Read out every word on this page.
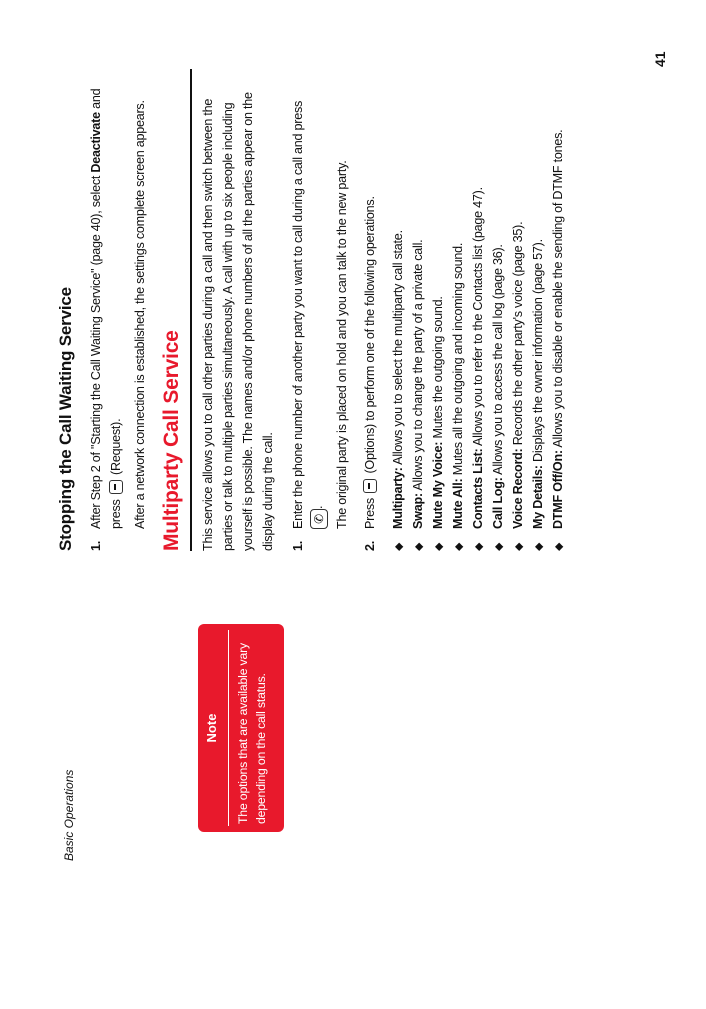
Basic Operations
41
Stopping the Call Waiting Service 1.After Step 2 of "Starting the Call Waiting Service" (page 40), select Deactivate and
press  (Request). After a network connection is established, the settings complete screen appears. Multiparty Call Service This service allows you to call other parties during a call and then switch between the parties or talk to multiple parties simultaneously. A call with up to six people including yourself is possible. The names and/or phone numbers of all the parties appear on the display during the call. 1.Enter the phone number of another party you want to call during a call and press ✆. The original party is placed on hold and you can talk to the new party.
2.Press  (Options) to perform one of the following operations.
◆Multiparty: Allows you to select the multiparty call state.
◆Swap: Allows you to change the party of a private call.
◆Mute My Voice: Mutes the outgoing sound.
◆Mute All: Mutes all the outgoing and incoming sound.
◆Contacts List: Allows you to refer to the Contacts list (page 47).
◆Call Log: Allows you to access the call log (page 36).
◆Voice Record: Records the other party's voice (page 35).
◆My Details: Displays the owner information (page 57).
◆DTMF Off/On: Allows you to disable or enable the sending of DTMF tones.
Note The options that are available vary depending on the call status.
